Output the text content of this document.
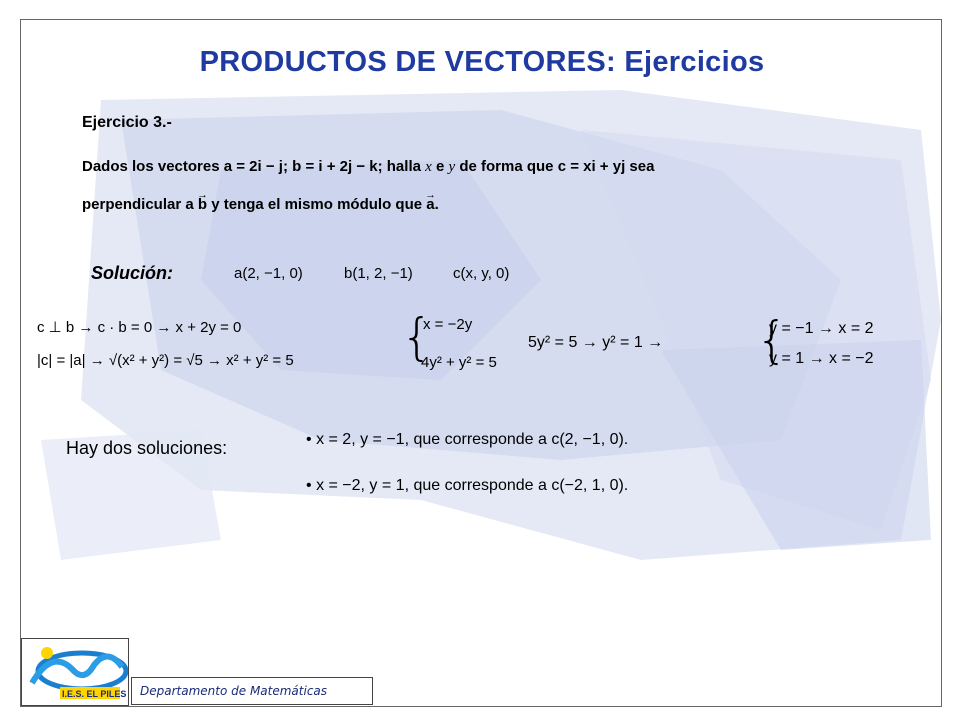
PRODUCTOS DE VECTORES: Ejercicios
Ejercicio 3.-
Dados los vectores a = 2i − j; b = i + 2j − k; halla x e y de forma que c = xi + yj sea
perpendicular a → b y tenga el mismo módulo que → a.
Solución:	a(2, −1, 0)	b(1, 2, −1)	c(x, y, 0)
c ⊥ b → c · b = 0 → x + 2y = 0
|c| = |a| → √(x² + y²) = √5 → x² + y² = 5 {
x = −2y
4y² + y² = 5
5y² = 5 → y² = 1 → {
y = −1 → x = 2
y = 1 → x = −2
Hay dos soluciones:	• x = 2, y = −1, que corresponde a c(2, −1, 0).
• x = −2, y = 1, que corresponde a c(−2, 1, 0).
I.E.S. EL PILES	Departamento de Matemáticas
